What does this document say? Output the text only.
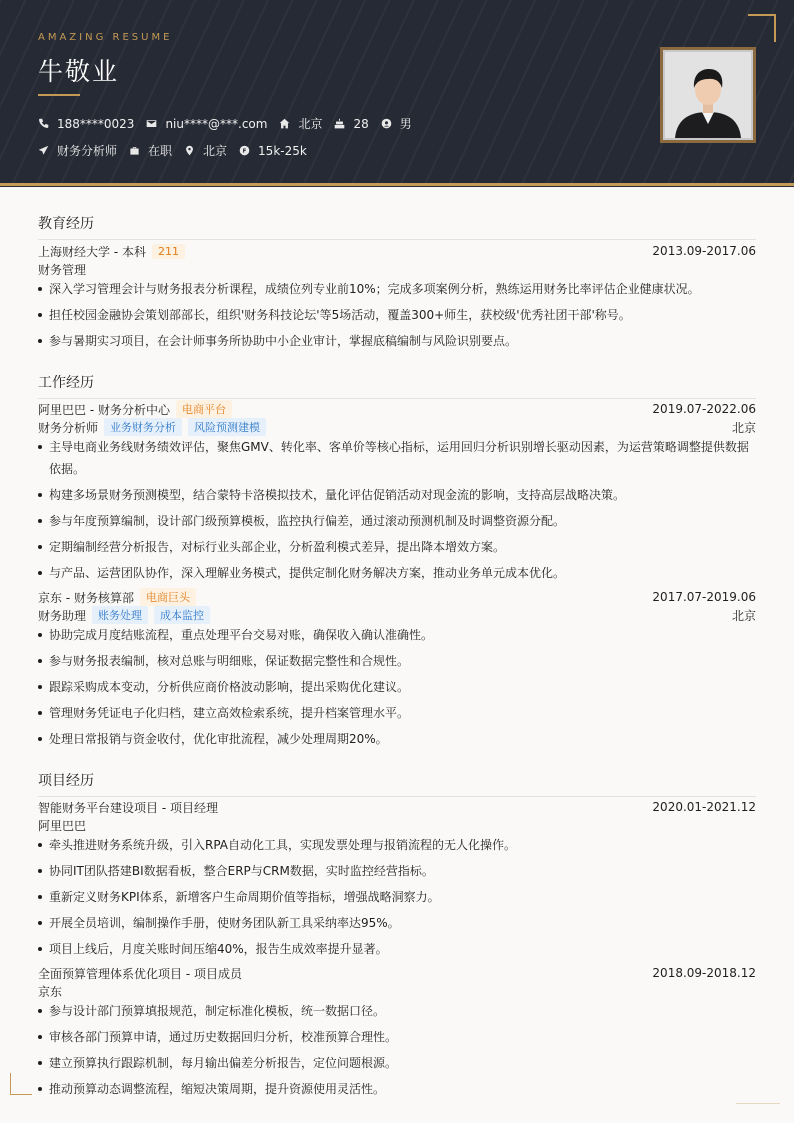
AMAZING RESUME
牛敬业
188****0023	niu****@***.com	北京	28	男
财务分析师	在职	北京	15k-25k
教育经历
上海财经大学 - 本科	211	2013.09-2017.06
财务管理
深入学习管理会计与财务报表分析课程，成绩位列专业前10%；完成多项案例分析，熟练运用财务比率评估企业健康状况。
担任校园金融协会策划部部长，组织'财务科技论坛'等5场活动，覆盖300+师生，获校级'优秀社团干部'称号。
参与暑期实习项目，在会计师事务所协助中小企业审计，掌握底稿编制与风险识别要点。
工作经历
阿里巴巴 - 财务分析中心	电商平台	2019.07-2022.06
财务分析师	业务财务分析	风险预测建模	北京
主导电商业务线财务绩效评估，聚焦GMV、转化率、客单价等核心指标，运用回归分析识别增长驱动因素，为运营策略调整提供数据依据。
构建多场景财务预测模型，结合蒙特卡洛模拟技术，量化评估促销活动对现金流的影响，支持高层战略决策。
参与年度预算编制，设计部门级预算模板，监控执行偏差，通过滚动预测机制及时调整资源分配。
定期编制经营分析报告，对标行业头部企业，分析盈利模式差异，提出降本增效方案。
与产品、运营团队协作，深入理解业务模式，提供定制化财务解决方案，推动业务单元成本优化。
京东 - 财务核算部	电商巨头	2017.07-2019.06
财务助理	账务处理	成本监控	北京
协助完成月度结账流程，重点处理平台交易对账，确保收入确认准确性。
参与财务报表编制，核对总账与明细账，保证数据完整性和合规性。
跟踪采购成本变动，分析供应商价格波动影响，提出采购优化建议。
管理财务凭证电子化归档，建立高效检索系统，提升档案管理水平。
处理日常报销与资金收付，优化审批流程，减少处理周期20%。
项目经历
智能财务平台建设项目 - 项目经理	2020.01-2021.12
阿里巴巴
牵头推进财务系统升级，引入RPA自动化工具，实现发票处理与报销流程的无人化操作。
协同IT团队搭建BI数据看板，整合ERP与CRM数据，实时监控经营指标。
重新定义财务KPI体系，新增客户生命周期价值等指标，增强战略洞察力。
开展全员培训，编制操作手册，使财务团队新工具采纳率达95%。
项目上线后，月度关账时间压缩40%，报告生成效率提升显著。
全面预算管理体系优化项目 - 项目成员	2018.09-2018.12
京东
参与设计部门预算填报规范，制定标准化模板，统一数据口径。
审核各部门预算申请，通过历史数据回归分析，校准预算合理性。
建立预算执行跟踪机制，每月输出偏差分析报告，定位问题根源。
推动预算动态调整流程，缩短决策周期，提升资源使用灵活性。
